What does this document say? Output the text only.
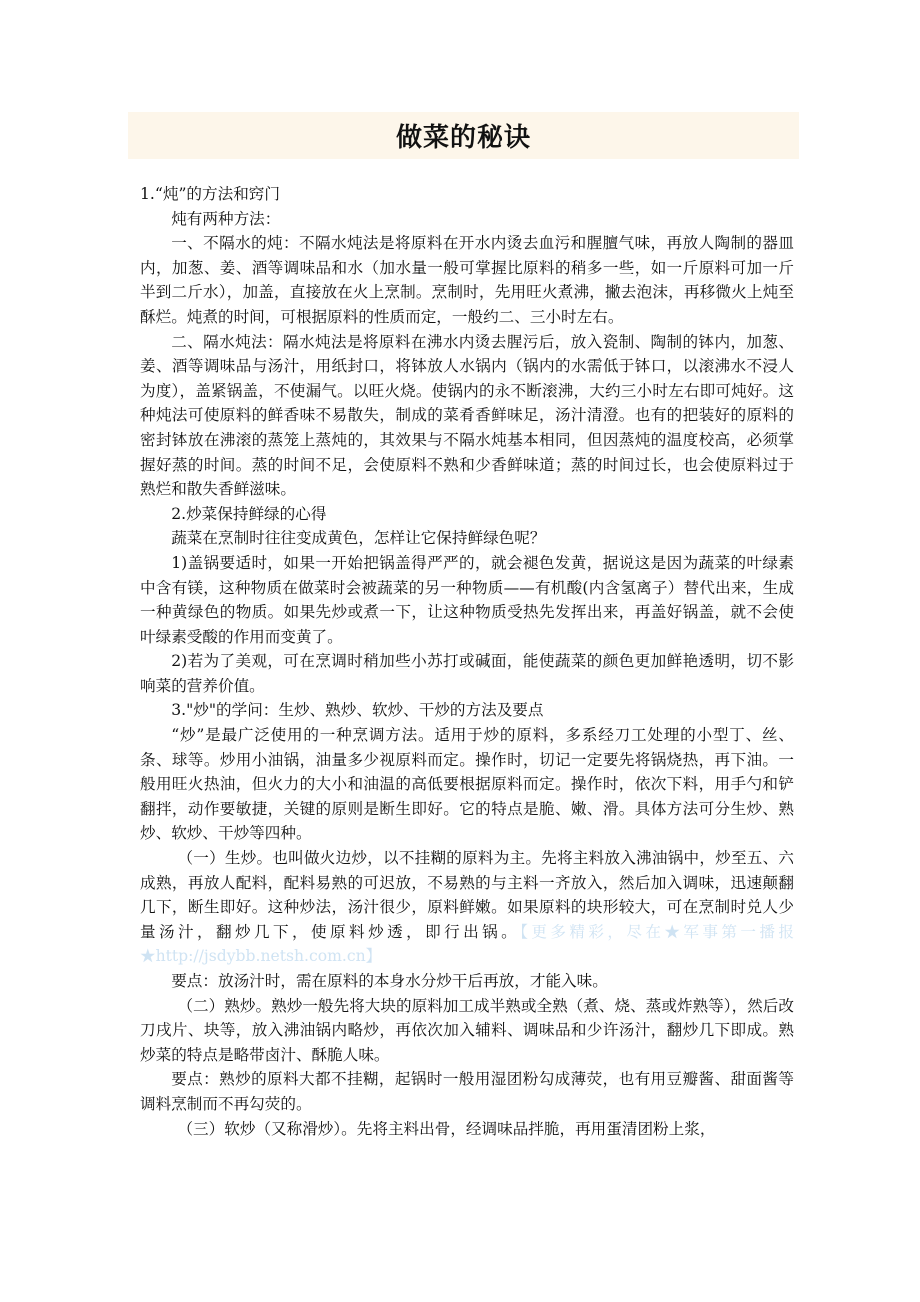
做菜的秘诀

1.“炖”的方法和窍门

炖有两种方法：

一、不隔水的炖：不隔水炖法是将原料在开水内烫去血污和腥膻气味，再放人陶制的器皿内，加葱、姜、酒等调味品和水（加水量一般可掌握比原料的稍多一些，如一斤原料可加一斤半到二斤水），加盖，直接放在火上烹制。烹制时，先用旺火煮沸，撇去泡沫，再移微火上炖至酥烂。炖煮的时间，可根据原料的性质而定，一般约二、三小时左右。

二、隔水炖法：隔水炖法是将原料在沸水内烫去腥污后，放入瓷制、陶制的钵内，加葱、姜、酒等调味品与汤汁，用纸封口，将钵放人水锅内（锅内的水需低于钵口，以滚沸水不浸人为度），盖紧锅盖，不使漏气。以旺火烧。使锅内的永不断滚沸，大约三小时左右即可炖好。这种炖法可使原料的鲜香味不易散失，制成的菜肴香鲜味足，汤汁清澄。也有的把装好的原料的密封钵放在沸滚的蒸笼上蒸炖的，其效果与不隔水炖基本相同，但因蒸炖的温度校高，必须掌握好蒸的时间。蒸的时间不足，会使原料不熟和少香鲜味道；蒸的时间过长，也会使原料过于熟烂和散失香鲜滋味。

2.炒菜保持鲜绿的心得

蔬菜在烹制时往往变成黄色，怎样让它保持鲜绿色呢？

1)盖锅要适时，如果一开始把锅盖得严严的，就会褪色发黄，据说这是因为蔬菜的叶绿素中含有镁，这种物质在做菜时会被蔬菜的另一种物质——有机酸(内含氢离子）替代出来，生成一种黄绿色的物质。如果先炒或煮一下，让这种物质受热先发挥出来，再盖好锅盖，就不会使叶绿素受酸的作用而变黄了。

2)若为了美观，可在烹调时稍加些小苏打或碱面，能使蔬菜的颜色更加鲜艳透明，切不影响菜的营养价值。

3."炒"的学问：生炒、熟炒、软炒、干炒的方法及要点

“炒”是最广泛使用的一种烹调方法。适用于炒的原料，多系经刀工处理的小型丁、丝、条、球等。炒用小油锅，油量多少视原料而定。操作时，切记一定要先将锅烧热，再下油。一般用旺火热油，但火力的大小和油温的高低要根据原料而定。操作时，依次下料，用手勺和铲翻拌，动作要敏捷，关键的原则是断生即好。它的特点是脆、嫩、滑。具体方法可分生炒、熟炒、软炒、干炒等四种。

（一）生炒。也叫做火边炒，以不挂糊的原料为主。先将主料放入沸油锅中，炒至五、六成熟，再放人配料，配料易熟的可迟放，不易熟的与主料一齐放入，然后加入调味，迅速颠翻几下，断生即好。这种炒法，汤汁很少，原料鲜嫩。如果原料的块形较大，可在烹制时兑人少量汤汁，翻炒几下，使原料炒透，即行出锅。【更多精彩，尽在★军事第一播报★http://jsdybb.netsh.com.cn】

要点：放汤汁时，需在原料的本身水分炒干后再放，才能入味。

（二）熟炒。熟炒一般先将大块的原料加工成半熟或全熟（煮、烧、蒸或炸熟等），然后改刀戌片、块等，放入沸油锅内略炒，再依次加入辅料、调味品和少许汤汁，翻炒几下即成。熟炒菜的特点是略带卤汁、酥脆人味。

要点：熟炒的原料大都不挂糊，起锅时一般用湿团粉勾成薄荧，也有用豆瓣酱、甜面酱等调料烹制而不再勾荧的。

（三）软炒（又称滑炒）。先将主料出骨，经调味品拌脆，再用蛋清团粉上浆，
